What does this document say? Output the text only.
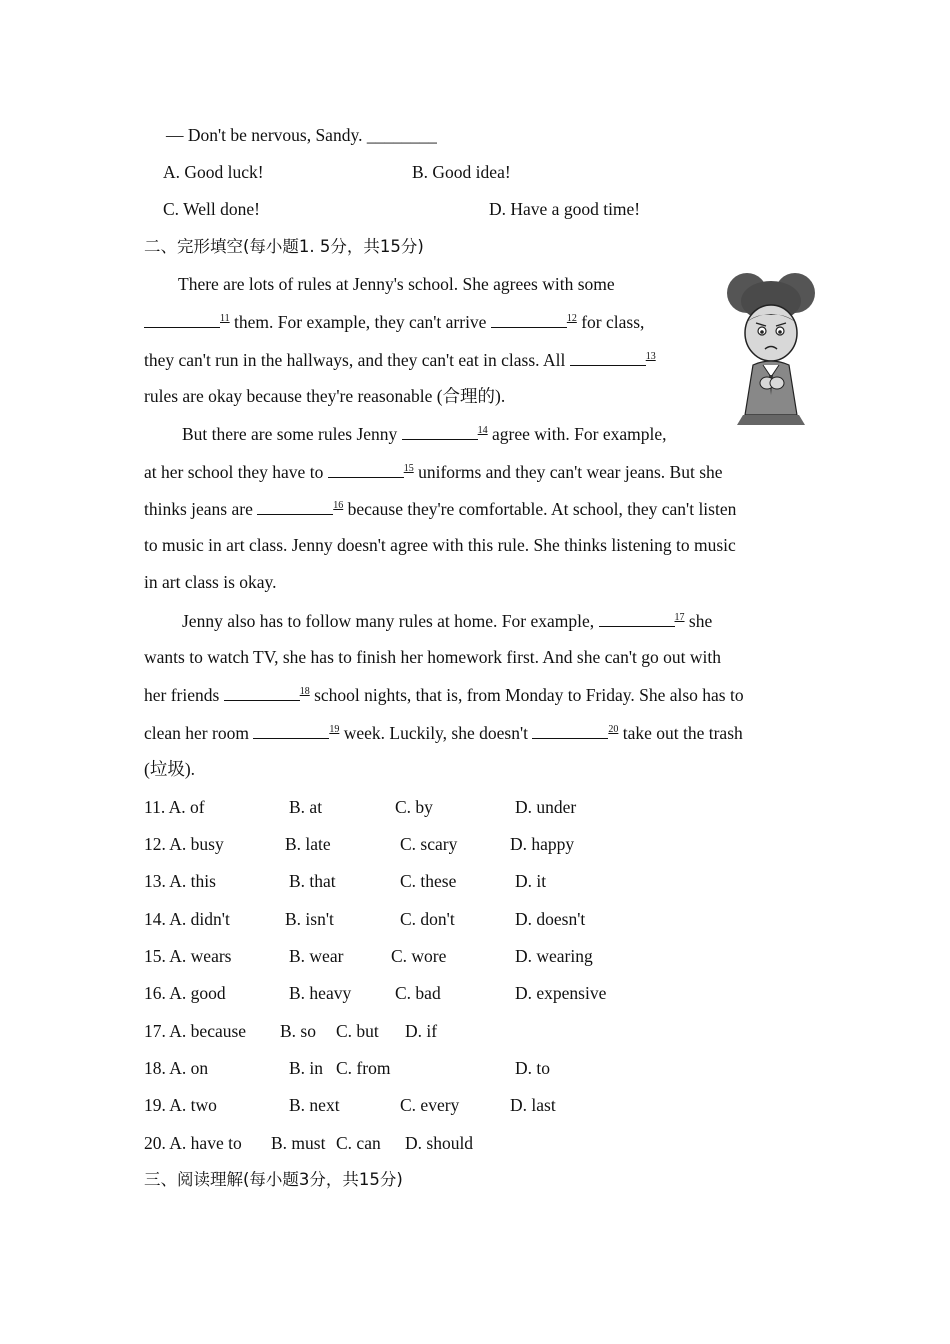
— Don't be nervous, Sandy. ________
A. Good luck!	B. Good idea!
C. Well done!	D. Have a good time!
二、完形填空(每小题1. 5分，共15分)
There are lots of rules at Jenny's school. She agrees with some
$^{11}$ them. For example, they can't arrive	$^{12}$ for class,
they can't run in the hallways, and they can't eat in class. All	$^{13}$
rules are okay because they're reasonable (合理的).
But there are some rules Jenny	$^{14}$ agree with. For example,
at her school they have to	$^{15}$ uniforms and they can't wear jeans. But she
thinks jeans are	$^{16}$ because they're comfortable. At school, they can't listen
to music in art class. Jenny doesn't agree with this rule. She thinks listening to music
in art class is okay.
Jenny also has to follow many rules at home. For example,	$^{17}$ she
wants to watch TV, she has to finish her homework first. And she can't go out with
her friends	$^{18}$ school nights, that is, from Monday to Friday. She also has to
clean her room	$^{19}$ week. Luckily, she doesn't	$^{20}$ take out the trash
(垃圾).
11. A. of	B. at	C. by	D. under
12. A. busy	B. late	C. scary	D. happy
13. A. this	B. that	C. these	D. it
14. A. didn't	B. isn't	C. don't	D. doesn't
15. A. wears	B. wear	C. wore	D. wearing
16. A. good	B. heavy	C. bad	D. expensive
17. A. because B. so C. but D. if
18. A. on	B. in C. from	D. to
19. A. two	B. next	C. every	D. last
20. A. have to B. must C. can D. should
三、阅读理解(每小题3分，共15分)
